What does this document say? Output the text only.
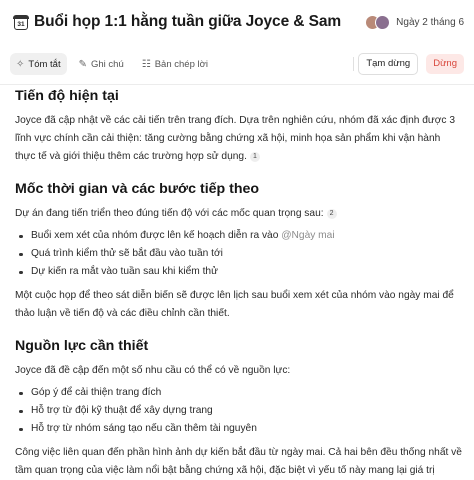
31 Buổi họp 1:1 hằng tuần giữa Joyce & Sam	Ngày 2 tháng 6
✧ Tóm tắt ✎ Ghi chú ☷ Bản chép lời	Tạm dừng	Dừng
Tiến độ hiện tại

Joyce đã cập nhật về các cải tiến trên trang đích. Dựa trên nghiên cứu, nhóm đã xác định được 3 lĩnh vực chính cần cải thiện: tăng cường bằng chứng xã hội, minh họa sản phẩm khi vận hành thực tế và giới thiệu thêm các trường hợp sử dụng. 1

Mốc thời gian và các bước tiếp theo

Dự án đang tiến triển theo đúng tiến độ với các mốc quan trọng sau: 2

Buổi xem xét của nhóm được lên kế hoạch diễn ra vào @Ngày mai
Quá trình kiểm thử sẽ bắt đầu vào tuần tới
Dự kiến ra mắt vào tuần sau khi kiểm thử

Một cuộc họp để theo sát diễn biến sẽ được lên lịch sau buổi xem xét của nhóm vào ngày mai để thảo luận về tiến độ và các điều chỉnh cần thiết.

Nguồn lực cần thiết

Joyce đã đề cập đến một số nhu cầu có thể có về nguồn lực:

Góp ý để cải thiện trang đích
Hỗ trợ từ đội kỹ thuật để xây dựng trang
Hỗ trợ từ nhóm sáng tạo nếu cần thêm tài nguyên

Công việc liên quan đến phần hình ảnh dự kiến bắt đầu từ ngày mai. Cả hai bên đều thống nhất về tầm quan trọng của việc làm nổi bật bằng chứng xã hội, đặc biệt vì yếu tố này mang lại giá trị
